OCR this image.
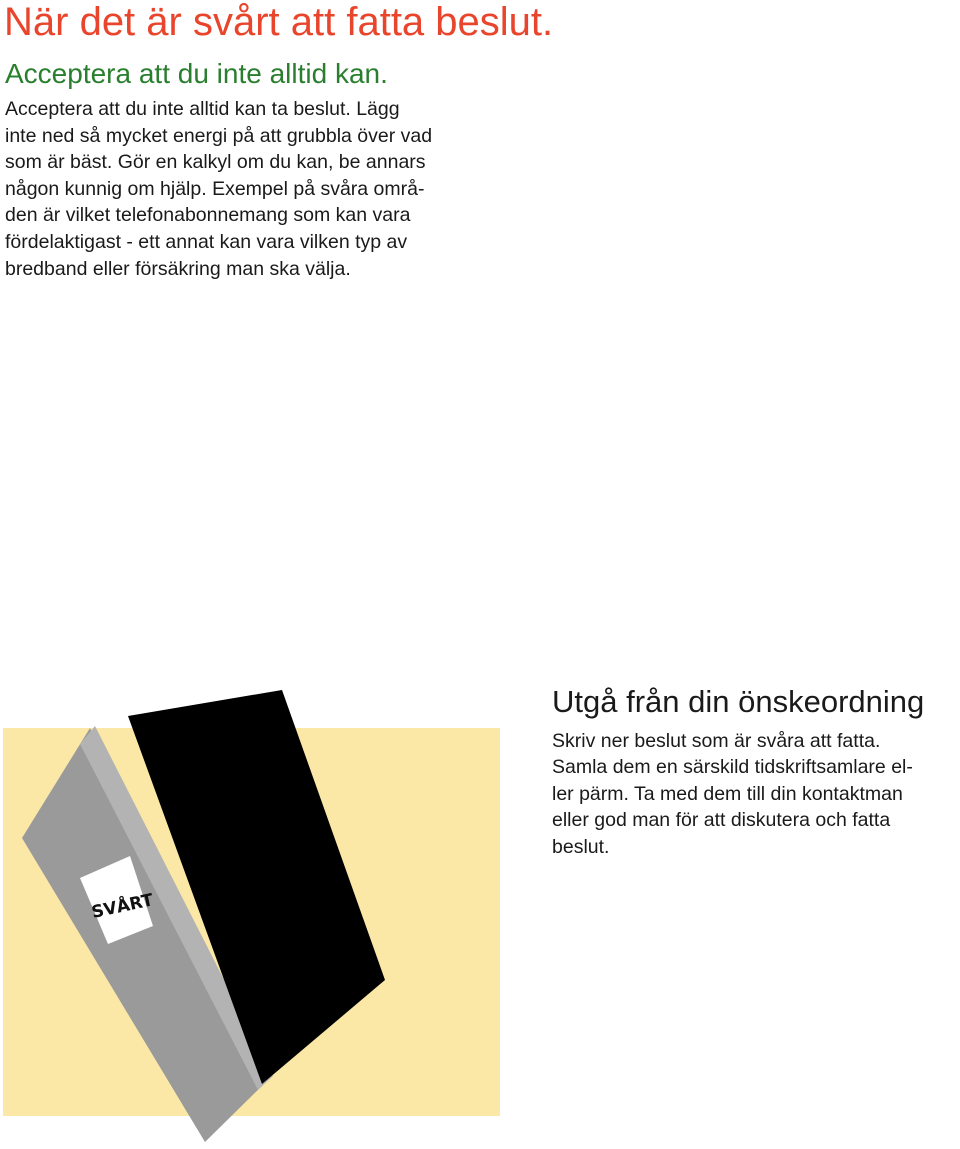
När det är svårt att fatta beslut.
Acceptera att du inte alltid kan.

Acceptera att du inte alltid kan ta beslut. Lägg
inte ned så mycket energi på att grubbla över vad
som är bäst. Gör en kalkyl om du kan, be annars
någon kunnig om hjälp. Exempel på svåra områ-
den är vilket telefonabonnemang som kan vara
fördelaktigast - ett annat kan vara vilken typ av
bredband eller försäkring man ska välja.

SVÅRT
Utgå från din önskeordning

Skriv ner beslut som är svåra att fatta.
Samla dem en särskild tidskriftsamlare el-
ler pärm. Ta med dem till din kontaktman
eller god man för att diskutera och fatta
beslut.
